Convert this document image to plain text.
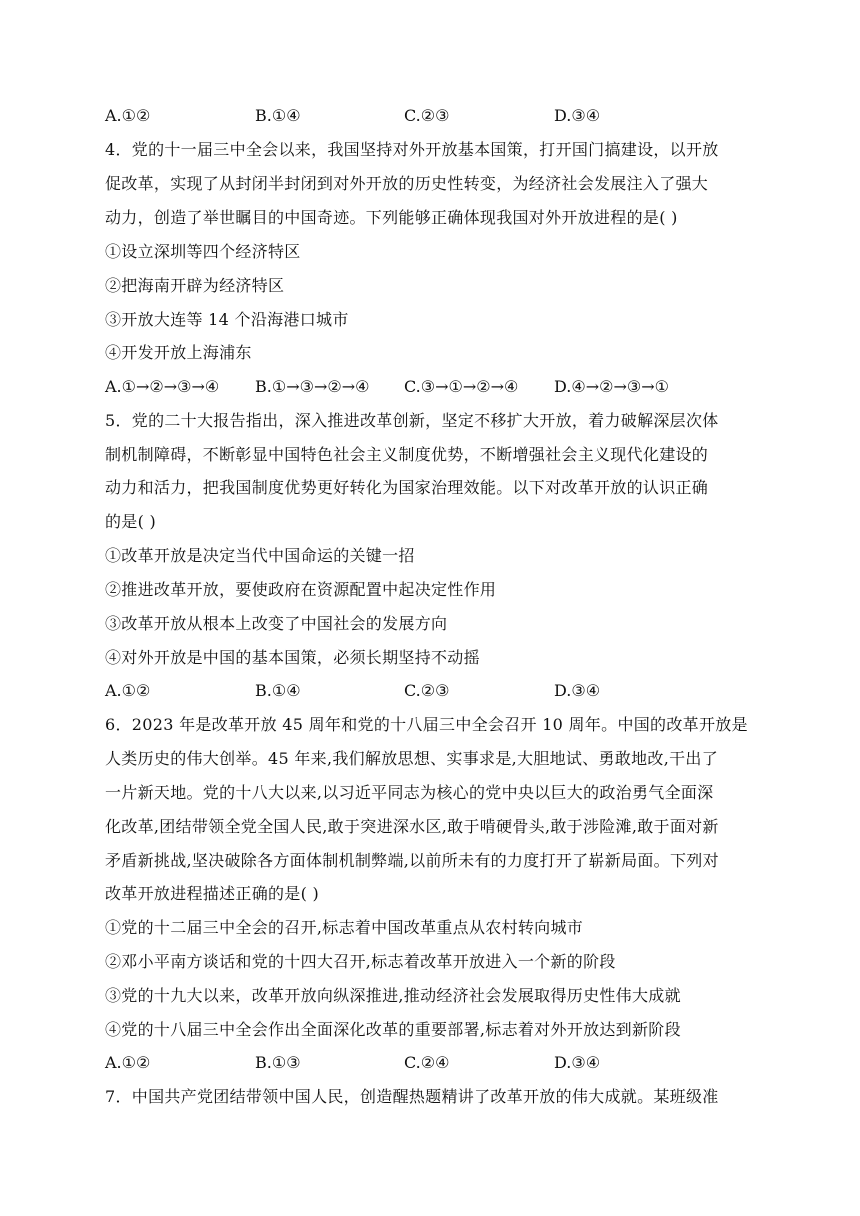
A.①②	B.①④	C.②③	D.③④
4．党的十一届三中全会以来，我国坚持对外开放基本国策，打开国门搞建设，以开放
促改革，实现了从封闭半封闭到对外开放的历史性转变，为经济社会发展注入了强大
动力，创造了举世瞩目的中国奇迹。下列能够正确体现我国对外开放进程的是( )
①设立深圳等四个经济特区
②把海南开辟为经济特区
③开放大连等 14 个沿海港口城市
④开发开放上海浦东
A.①→②→③→④ B.①→③→②→④ C.③→①→②→④ D.④→②→③→①
5．党的二十大报告指出，深入推进改革创新，坚定不移扩大开放，着力破解深层次体
制机制障碍，不断彰显中国特色社会主义制度优势，不断增强社会主义现代化建设的
动力和活力，把我国制度优势更好转化为国家治理效能。以下对改革开放的认识正确
的是( )
①改革开放是决定当代中国命运的关键一招
②推进改革开放，要使政府在资源配置中起决定性作用
③改革开放从根本上改变了中国社会的发展方向
④对外开放是中国的基本国策，必须长期坚持不动摇
A.①②	B.①④	C.②③	D.③④
6．2023 年是改革开放 45 周年和党的十八届三中全会召开 10 周年。中国的改革开放是
人类历史的伟大创举。45 年来,我们解放思想、实事求是,大胆地试、勇敢地改,干出了
一片新天地。党的十八大以来,以习近平同志为核心的党中央以巨大的政治勇气全面深
化改革,团结带领全党全国人民,敢于突进深水区,敢于啃硬骨头,敢于涉险滩,敢于面对新
矛盾新挑战,坚决破除各方面体制机制弊端,以前所未有的力度打开了崭新局面。下列对
改革开放进程描述正确的是( )
①党的十二届三中全会的召开,标志着中国改革重点从农村转向城市
②邓小平南方谈话和党的十四大召开,标志着改革开放进入一个新的阶段
③党的十九大以来，改革开放向纵深推进,推动经济社会发展取得历史性伟大成就
④党的十八届三中全会作出全面深化改革的重要部署,标志着对外开放达到新阶段
A.①②	B.①③	C.②④	D.③④
7．中国共产党团结带领中国人民，创造醒热题精讲了改革开放的伟大成就。某班级准
